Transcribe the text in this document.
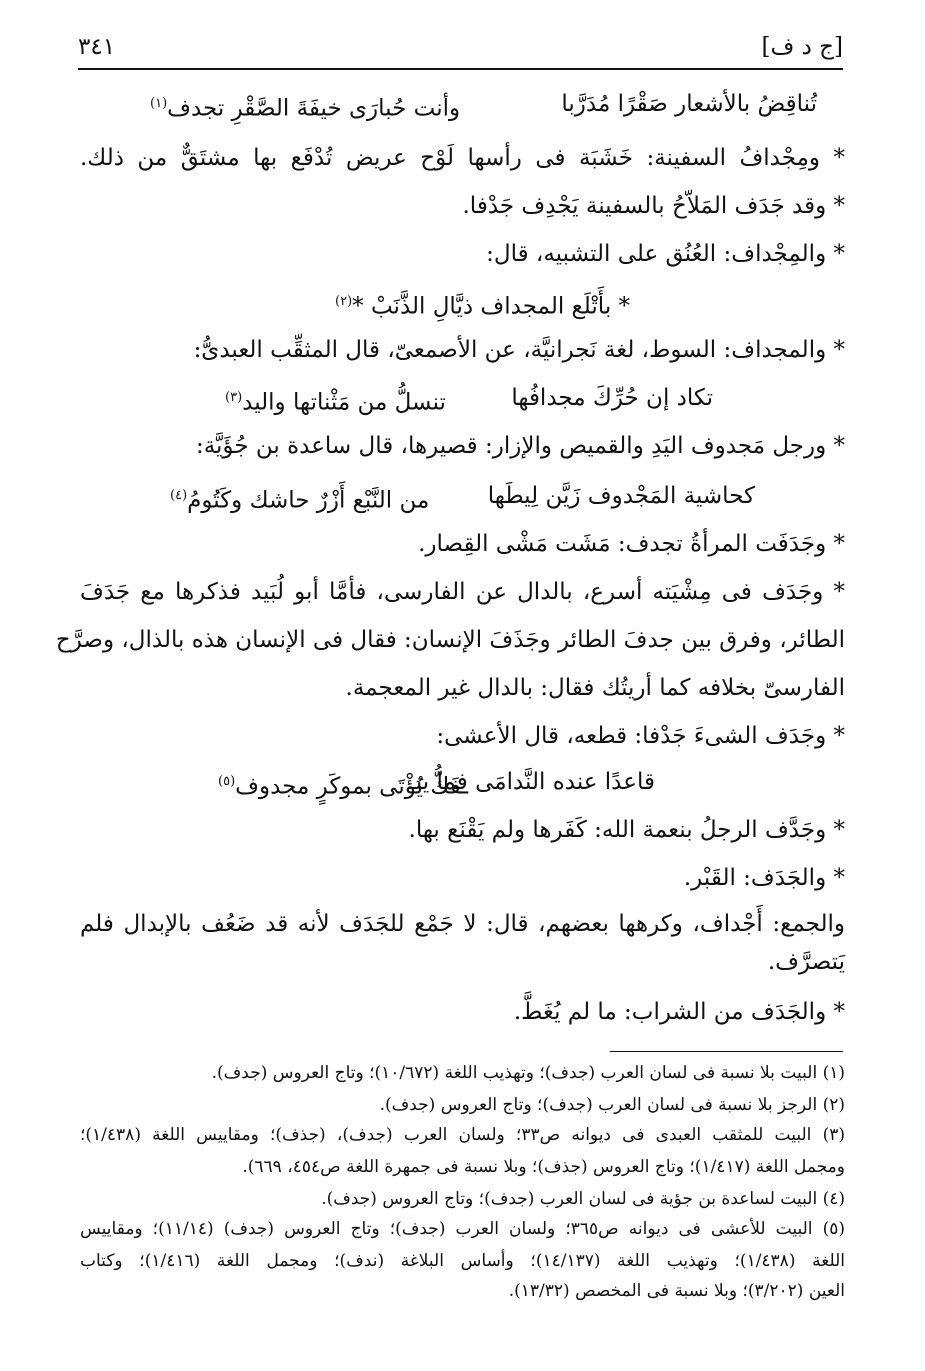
[ج د ف]
٣٤١
تُناقِضُ بالأشعار صَقْرًا مُدَرَّبا
وأنت حُبارَى خيفَةَ الصَّقْرِ تجدف$^{(١)}$
* ومِجْدافُ السفينة: خَشَبَة فى رأسها لَوْح عريض تُدْفَع بها مشتَقٌّ من ذلك.
* وقد جَدَف المَلاّحُ بالسفينة يَجْدِف جَدْفا.
* والمِجْداف: العُنُق على التشبيه، قال:
* بأَتْلَع المجداف ذيَّالِ الذَّنَبْ *$^{(٢)}$
* والمجداف: السوط، لغة نَجرانيَّة، عن الأصمعىّ، قال المثقِّب العبدىُّ:
تكاد إن حُرِّكَ مجدافُها
تنسلُّ من مَثْناتها واليد$^{(٣)}$
* ورجل مَجدوف اليَدِ والقميص والإزار: قصيرها، قال ساعدة بن جُؤَيَّة:
كحاشية المَجْدوف زَيَّن لِيطَها
من النَّبْع أَزْرٌ حاشك وكَتُومُ$^{(٤)}$
* وجَدَفَت المرأةُ تجدف: مَشَت مَشْى القِصار.
* وجَدَف فى مِشْيَته أسرع، بالدال عن الفارسى، فأمَّا أبو لُبَيد فذكرها مع جَدَفَ
الطائر، وفرق بين جدفَ الطائر وجَذَفَ الإنسان: فقال فى الإنسان هذه بالذال، وصرَّح
الفارسىّ بخلافه كما أريتُك فقال: بالدال غير المعجمة.
* وجَدَف الشىءَ جَدْفا: قطعه، قال الأعشى:
قاعدًا عنده النَّدامَى فما ينـ
ـفَكُّ يُؤْتَى بموكَرٍ مجدوف$^{(٥)}$
* وجَدَّف الرجلُ بنعمة الله: كَفَرها ولم يَقْنَع بها.
* والجَدَف: القَبْر.
والجمع: أَجْداف، وكرهها بعضهم، قال: لا جَمْع للجَدَف لأنه قد ضَعُف بالإبدال فلم
يَتصرَّف.
* والجَدَف من الشراب: ما لم يُغَطَّ.
(١) البيت بلا نسبة فى لسان العرب (جدف)؛ وتهذيب اللغة (١٠/٦٧٢)؛ وتاج العروس (جدف).
(٢) الرجز بلا نسبة فى لسان العرب (جدف)؛ وتاج العروس (جدف).
(٣) البيت للمثقب العبدى فى ديوانه ص٣٣؛ ولسان العرب (جدف)، (جذف)؛ ومقاييس اللغة (١/٤٣٨)؛
ومجمل اللغة (١/٤١٧)؛ وتاج العروس (جذف)؛ وبلا نسبة فى جمهرة اللغة ص٤٥٤، ٦٦٩).
(٤) البيت لساعدة بن جؤية فى لسان العرب (جدف)؛ وتاج العروس (جدف).
(٥) البيت للأعشى فى ديوانه ص٣٦٥؛ ولسان العرب (جدف)؛ وتاج العروس (جدف) (١١/١٤)؛ ومقاييس
اللغة (١/٤٣٨)؛ وتهذيب اللغة (١٤/١٣٧)؛ وأساس البلاغة (ندف)؛ ومجمل اللغة (١/٤١٦)؛ وكتاب
العين (٣/٢٠٢)؛ وبلا نسبة فى المخصص (١٣/٣٢).
